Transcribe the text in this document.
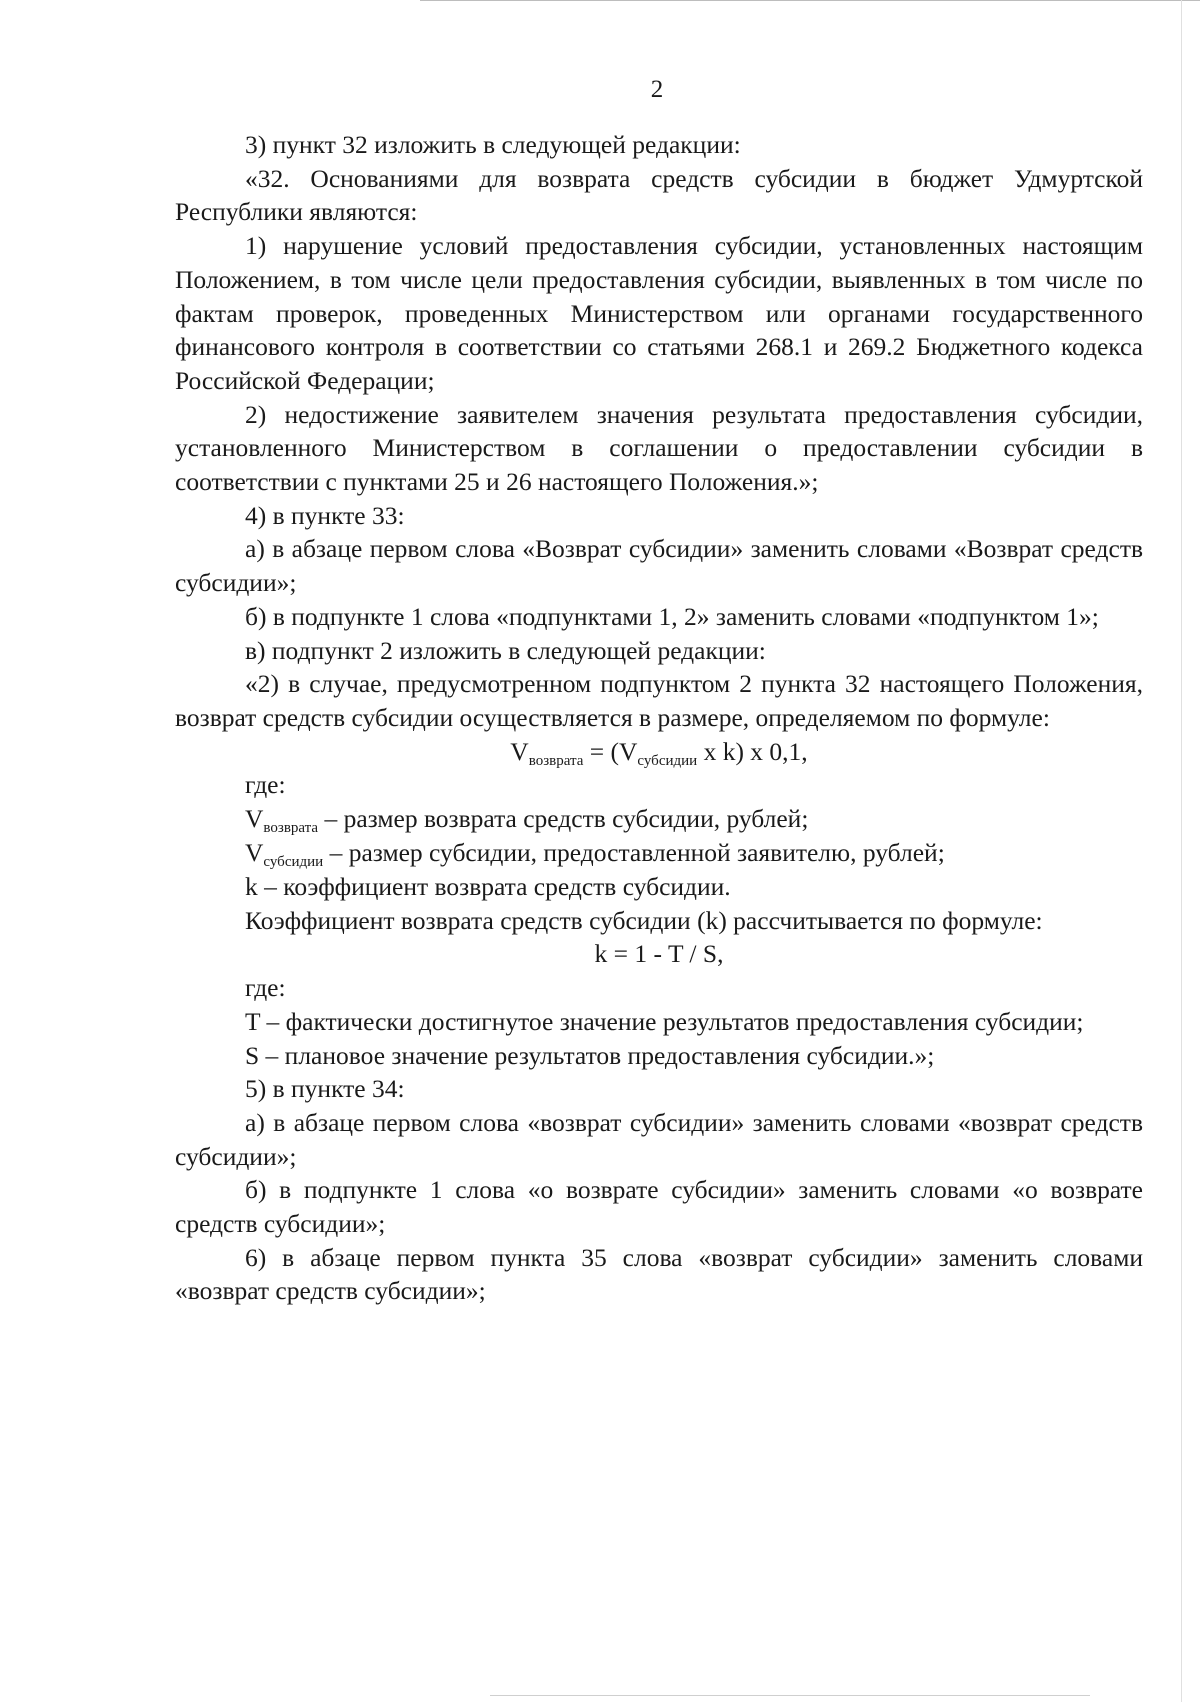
2

3) пункт 32 изложить в следующей редакции:

«32. Основаниями для возврата средств субсидии в бюджет Удмуртской Республики являются:

1) нарушение условий предоставления субсидии, установленных настоящим Положением, в том числе цели предоставления субсидии, выявленных в том числе по фактам проверок, проведенных Министерством или органами государственного финансового контроля в соответствии со статьями 268.1 и 269.2 Бюджетного кодекса Российской Федерации;

2) недостижение заявителем значения результата предоставления субсидии, установленного Министерством в соглашении о предоставлении субсидии в соответствии с пунктами 25 и 26 настоящего Положения.»;

4) в пункте 33:

а) в абзаце первом слова «Возврат субсидии» заменить словами «Возврат средств субсидии»;

б) в подпункте 1 слова «подпунктами 1, 2» заменить словами «подпунктом 1»;

в) подпункт 2 изложить в следующей редакции:

«2) в случае, предусмотренном подпунктом 2 пункта 32 настоящего Положения, возврат средств субсидии осуществляется в размере, определяемом по формуле:

$V_{возврата} = (V_{субсидии}$ х k) х 0,1,

где:

$V_{возврата}$ – размер возврата средств субсидии, рублей;

$V_{субсидии}$ – размер субсидии, предоставленной заявителю, рублей;

k – коэффициент возврата средств субсидии.

Коэффициент возврата средств субсидии (k) рассчитывается по формуле:

k = 1 - T / S,

где:

T – фактически достигнутое значение результатов предоставления субсидии;

S – плановое значение результатов предоставления субсидии.»;

5) в пункте 34:

а) в абзаце первом слова «возврат субсидии» заменить словами «возврат средств субсидии»;

б) в подпункте 1 слова «о возврате субсидии» заменить словами «о возврате средств субсидии»;

6) в абзаце первом пункта 35 слова «возврат субсидии» заменить словами «возврат средств субсидии»;
